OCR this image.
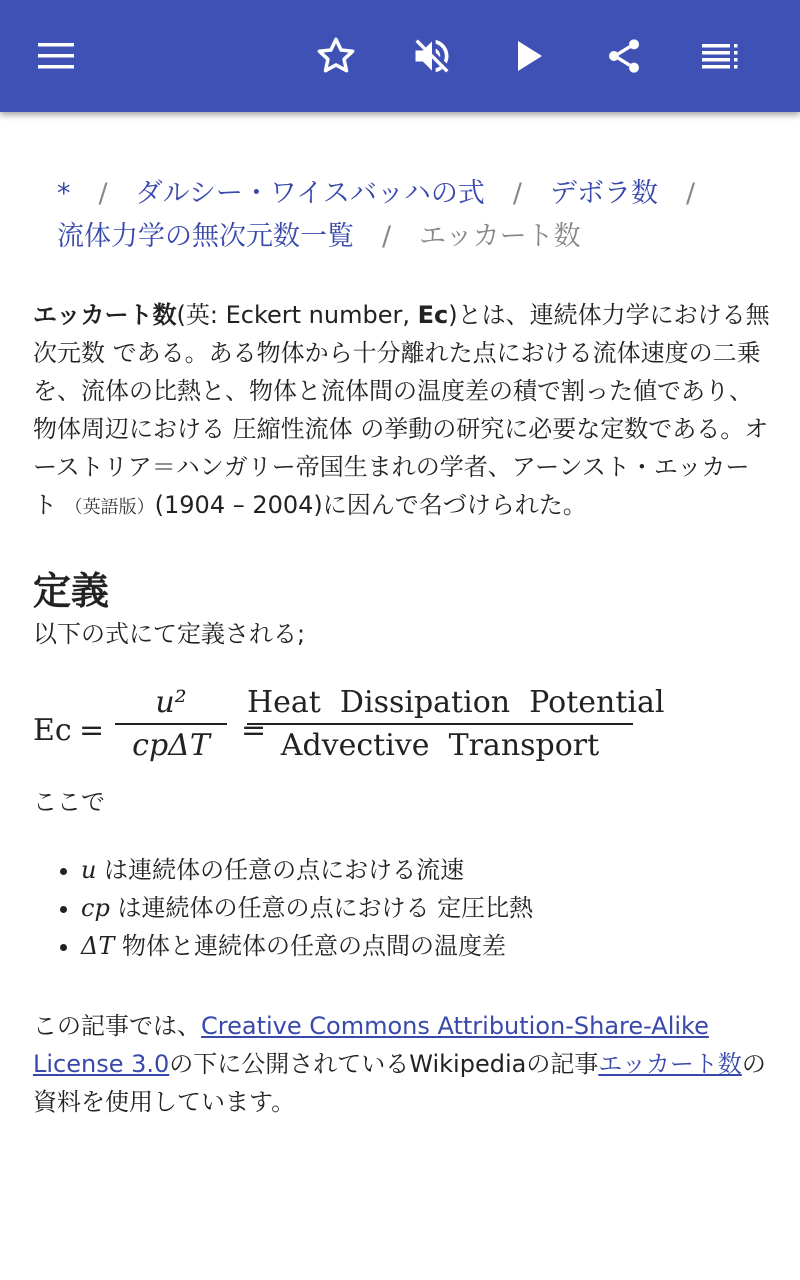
* / ダルシー・ワイスバッハの式 / デボラ数 /
流体力学の無次元数一覧 / エッカート数
エッカート数(英: Eckert number, Ec)とは、連続体力学における無次元数 である。ある物体から十分離れた点における流体速度の二乗を、流体の比熱と、物体と流体間の温度差の積で割った値であり、物体周辺における 圧縮性流体 の挙動の研究に必要な定数である。オーストリア＝ハンガリー帝国生まれの学者、アーンスト・エッカート （英語版）(1904 – 2004)に因んで名づけられた。
定義
以下の式にて定義される;
Ec =
u²
cpΔT	=
Heat  Dissipation  Potential
Advective  Transport
ここで
• u は連続体の任意の点における流速
• cp は連続体の任意の点における 定圧比熱
• ΔT 物体と連続体の任意の点間の温度差
この記事では、Creative Commons Attribution-Share-Alike License 3.0の下に公開されているWikipediaの記事エッカート数の資料を使用しています。
